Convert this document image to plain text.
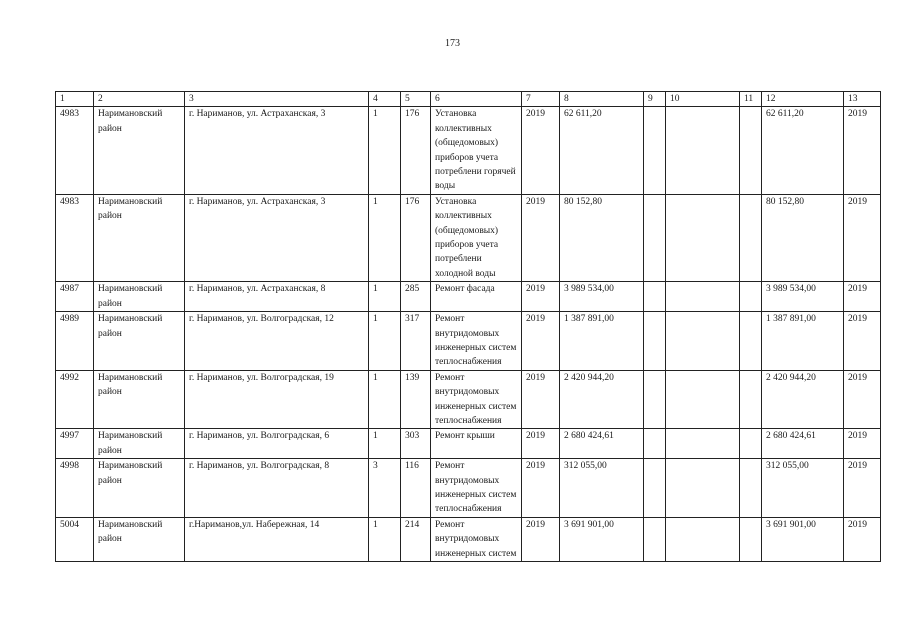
173
1	2	3	4	5	6	7	8	9	10	11	12	13
4983	Наримановский район	г. Нариманов, ул. Астраханская, 3	1	176	Установка коллективных (общедомовых) приборов учета потреблени горячей воды	2019	62 611,20				62 611,20	2019
4983	Наримановский район	г. Нариманов, ул. Астраханская, 3	1	176	Установка коллективных (общедомовых) приборов учета потреблени холодной воды	2019	80 152,80				80 152,80	2019
4987	Наримановский район	г. Нариманов, ул. Астраханская, 8	1	285	Ремонт фасада	2019	3 989 534,00				3 989 534,00	2019
4989	Наримановский район	г. Нариманов, ул. Волгоградская, 12	1	317	Ремонт внутридомовых инженерных систем теплоснабжения	2019	1 387 891,00				1 387 891,00	2019
4992	Наримановский район	г. Нариманов, ул. Волгоградская, 19	1	139	Ремонт внутридомовых инженерных систем теплоснабжения	2019	2 420 944,20				2 420 944,20	2019
4997	Наримановский район	г. Нариманов, ул. Волгоградская, 6	1	303	Ремонт крыши	2019	2 680 424,61				2 680 424,61	2019
4998	Наримановский район	г. Нариманов, ул. Волгоградская, 8	3	116	Ремонт внутридомовых инженерных систем теплоснабжения	2019	312 055,00				312 055,00	2019
5004	Наримановский район	г.Нариманов,ул. Набережная, 14	1	214	Ремонт внутридомовых инженерных систем	2019	3 691 901,00				3 691 901,00	2019
